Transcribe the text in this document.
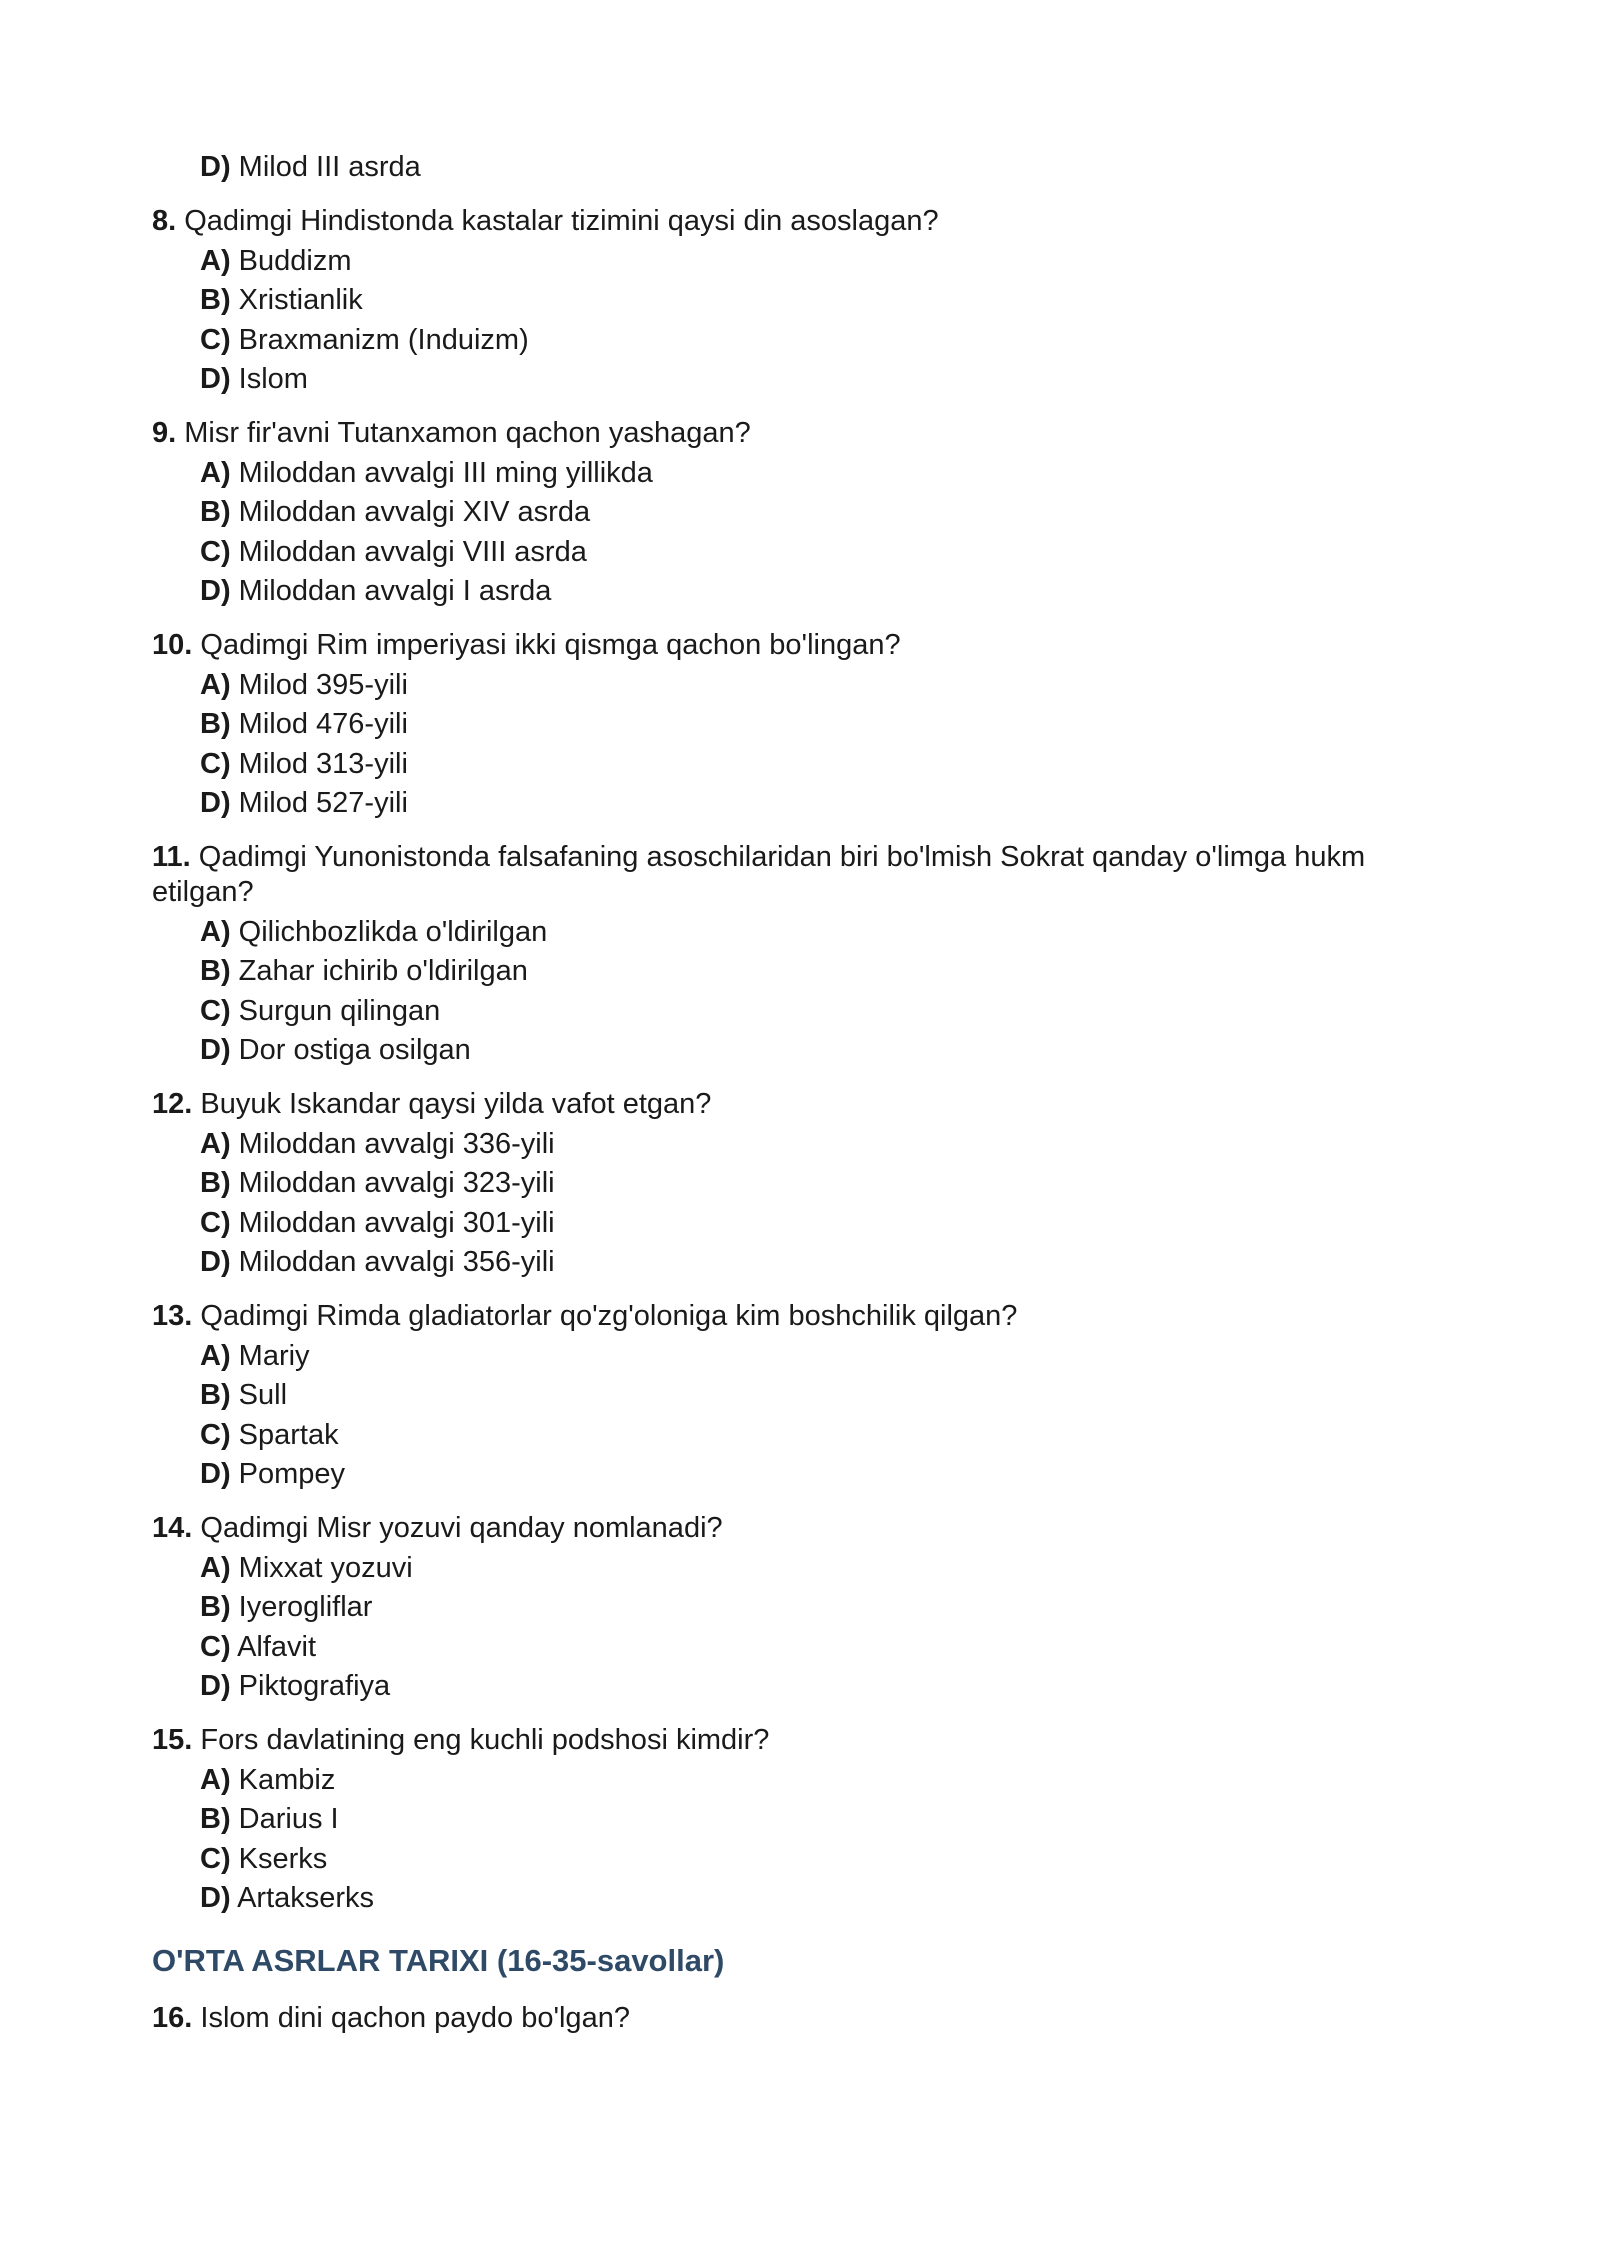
D) Milod III asrda
8. Qadimgi Hindistonda kastalar tizimini qaysi din asoslagan?
A) Buddizm
B) Xristianlik
C) Braxmanizm (Induizm)
D) Islom
9. Misr fir'avni Tutanxamon qachon yashagan?
A) Miloddan avvalgi III ming yillikda
B) Miloddan avvalgi XIV asrda
C) Miloddan avvalgi VIII asrda
D) Miloddan avvalgi I asrda
10. Qadimgi Rim imperiyasi ikki qismga qachon bo'lingan?
A) Milod 395-yili
B) Milod 476-yili
C) Milod 313-yili
D) Milod 527-yili
11. Qadimgi Yunonistonda falsafaning asoschilaridan biri bo'lmish Sokrat qanday o'limga hukm etilgan?
A) Qilichbozlikda o'ldirilgan
B) Zahar ichirib o'ldirilgan
C) Surgun qilingan
D) Dor ostiga osilgan
12. Buyuk Iskandar qaysi yilda vafot etgan?
A) Miloddan avvalgi 336-yili
B) Miloddan avvalgi 323-yili
C) Miloddan avvalgi 301-yili
D) Miloddan avvalgi 356-yili
13. Qadimgi Rimda gladiatorlar qo'zg'oloniga kim boshchilik qilgan?
A) Mariy
B) Sull
C) Spartak
D) Pompey
14. Qadimgi Misr yozuvi qanday nomlanadi?
A) Mixxat yozuvi
B) Iyerogliflar
C) Alfavit
D) Piktografiya
15. Fors davlatining eng kuchli podshosi kimdir?
A) Kambiz
B) Darius I
C) Kserks
D) Artakserks
O'RTA ASRLAR TARIXI (16-35-savollar)
16. Islom dini qachon paydo bo'lgan?
